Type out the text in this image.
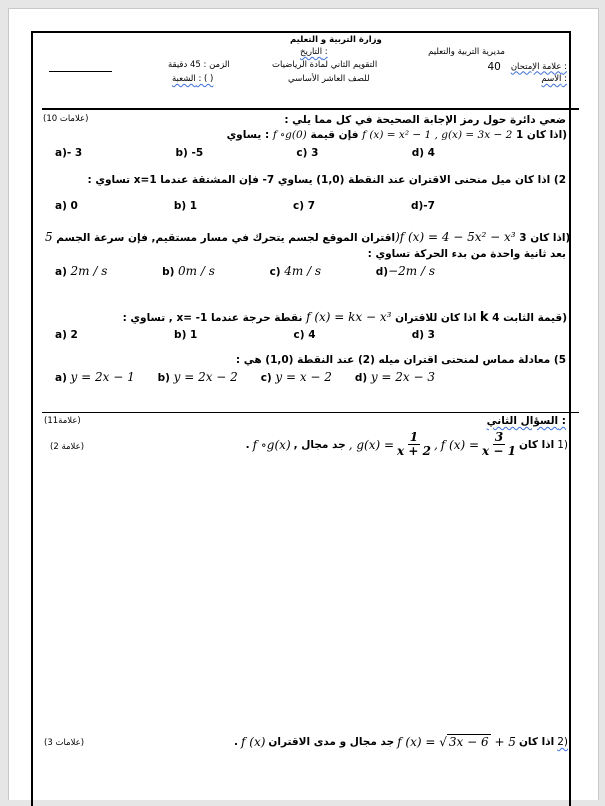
مديرية التربية والتعليم
علامة الإمتحان :
40
الاسم :
وزارة التربية و التعليم
التاريخ :
التقويم الثاني لمادة الرياضيات
للصف العاشر الأساسي
الزمن : 45 دقيقة
الشعبة : ( )
ضعي دائرة حول رمز الإجابة الصحيحة في كل مما يلي :
(10 علامات)
يساوي : f ∘g(0) فإن قيمة f (x) = x² − 1 , g(x) = 3x − 2 اذا كان 1)
a)- 3	b) -5	c) 3	d) 4
2) اذا كان ميل منحنى الاقتران عند النقطة (1,0) يساوي 7- فإن المشتقة عندما x=1 تساوي :
a) 0	b) 1	c) 7	d)-7
اقتران الموقع لجسم يتحرك في مسار مستقيم, فإن سرعة الجسم 5)f (x) = 4 − 5x² − x³ اذا كان 3)
بعد ثانية واحدة من بدء الحركة تساوي :
a) 2m / s	b) 0m / s	c) 4m / s	d)−2m / s
نقطة حرجة عندما x= -1 , تساوي : f (x) = kx − x³ اذا كان للاقتران k قيمة الثابت 4)
a) 2	b) 1	c) 4	d) 3
5) معادلة مماس لمنحنى اقتران ميله (2) عند النقطة (1,0) هي :
a) y = 2x − 1 b) y = 2x − 2 c) y = x − 2 d) y = 2x − 3
السؤال الثاني :
(11علامة)
. f ∘g(x) , جد مجال , $g(x) = \frac{1}{x + 2}$ , f $(x) = \frac{3}{x - 1}$ اذا كان 1)
(2 علامة)
. f (x) جد مجال و مدى الاقتران f (x) = √ 3x − 6 + 5 اذا كان 2)
(3 علامات)
